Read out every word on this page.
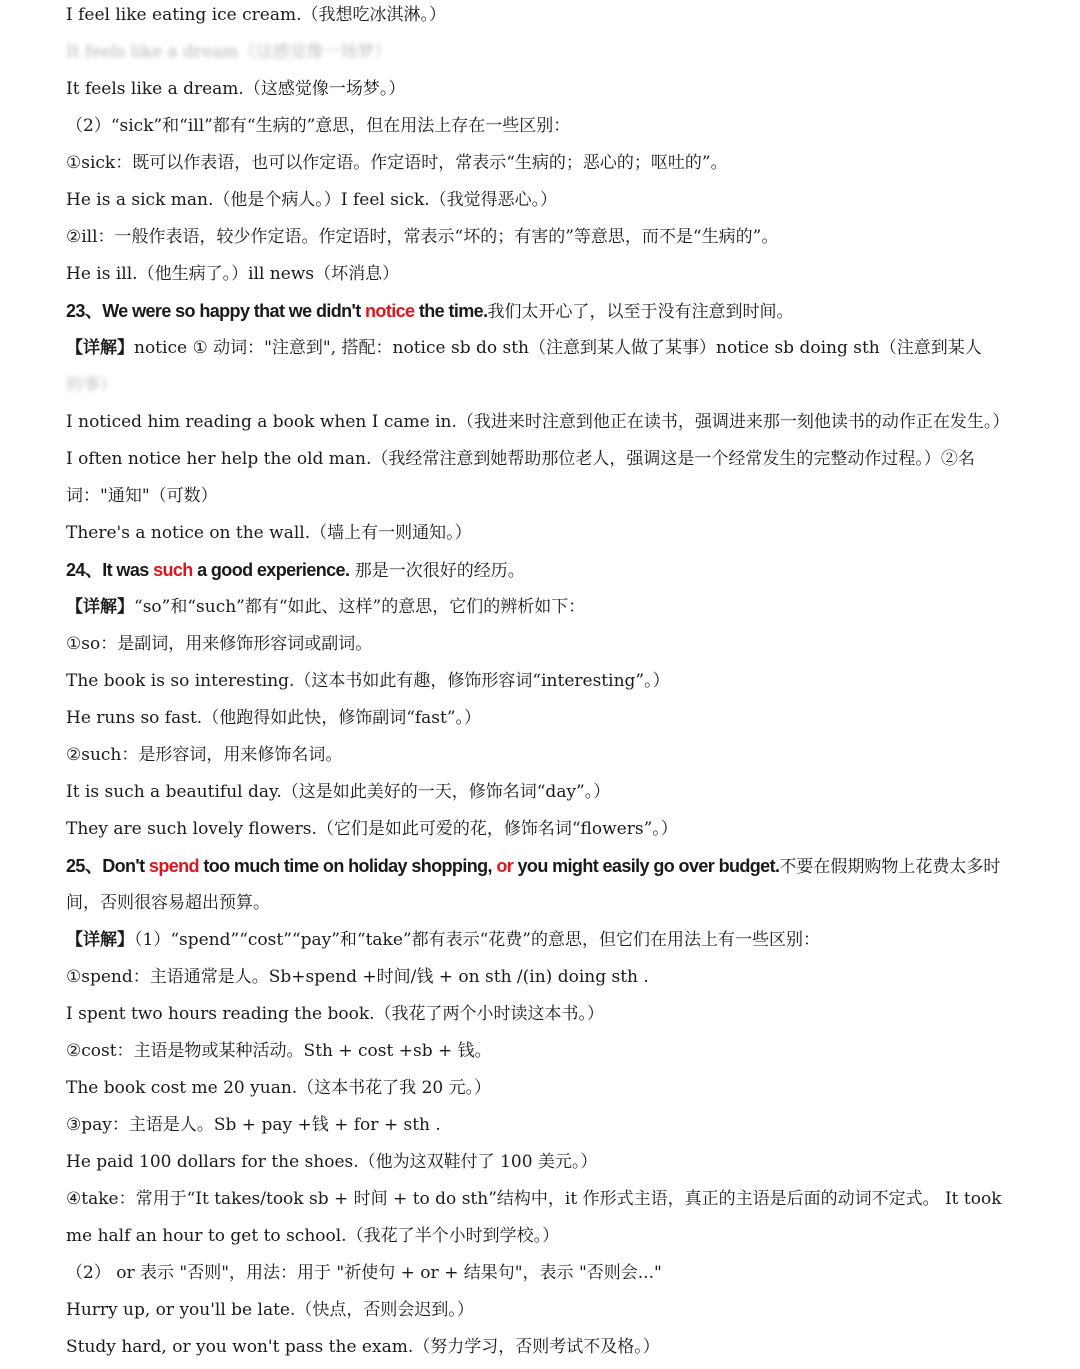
I feel like eating ice cream.（我想吃冰淇淋。）
It feels like a dream（这感觉像一场梦）
It feels like a dream.（这感觉像一场梦。）
（2）“sick”和“ill”都有“生病的”意思，但在用法上存在一些区别：
①sick：既可以作表语，也可以作定语。作定语时，常表示“生病的；恶心的；呕吐的”。
He is a sick man.（他是个病人。）I feel sick.（我觉得恶心。）
②ill：一般作表语，较少作定语。作定语时，常表示“坏的；有害的”等意思，而不是“生病的”。
He is ill.（他生病了。）ill news（坏消息）
23、We were so happy that we didn't notice the time.我们太开心了，以至于没有注意到时间。
【详解】notice ① 动词："注意到", 搭配：notice sb do sth（注意到某人做了某事）notice sb doing sth（注意到某人
的事）
I noticed him reading a book when I came in.（我进来时注意到他正在读书，强调进来那一刻他读书的动作正在发生。）
I often notice her help the old man.（我经常注意到她帮助那位老人，强调这是一个经常发生的完整动作过程。）②名
词："通知"（可数）
There's a notice on the wall.（墙上有一则通知。）
24、It was such a good experience. 那是一次很好的经历。
【详解】“so”和“such”都有“如此、这样”的意思，它们的辨析如下：
①so：是副词，用来修饰形容词或副词。
The book is so interesting.（这本书如此有趣，修饰形容词“interesting”。）
He runs so fast.（他跑得如此快，修饰副词“fast”。）
②such：是形容词，用来修饰名词。
It is such a beautiful day.（这是如此美好的一天，修饰名词“day”。）
They are such lovely flowers.（它们是如此可爱的花，修饰名词“flowers”。）
25、Don't spend too much time on holiday shopping, or you might easily go over budget.不要在假期购物上花费太多时
间，否则很容易超出预算。
【详解】（1）“spend”“cost”“pay”和“take”都有表示“花费”的意思，但它们在用法上有一些区别：
①spend：主语通常是人。Sb+spend +时间/钱 + on sth /(in) doing sth .
I spent two hours reading the book.（我花了两个小时读这本书。）
②cost：主语是物或某种活动。Sth + cost +sb + 钱。
The book cost me 20 yuan.（这本书花了我 20 元。）
③pay：主语是人。Sb + pay +钱 + for + sth .
He paid 100 dollars for the shoes.（他为这双鞋付了 100 美元。）
④take：常用于“It takes/took sb + 时间 + to do sth”结构中，it 作形式主语，真正的主语是后面的动词不定式。 It took
me half an hour to get to school.（我花了半个小时到学校。）
（2） or 表示 "否则"，用法：用于 "祈使句 + or + 结果句"，表示 "否则会..."
Hurry up, or you'll be late.（快点，否则会迟到。）
Study hard, or you won't pass the exam.（努力学习，否则考试不及格。）
